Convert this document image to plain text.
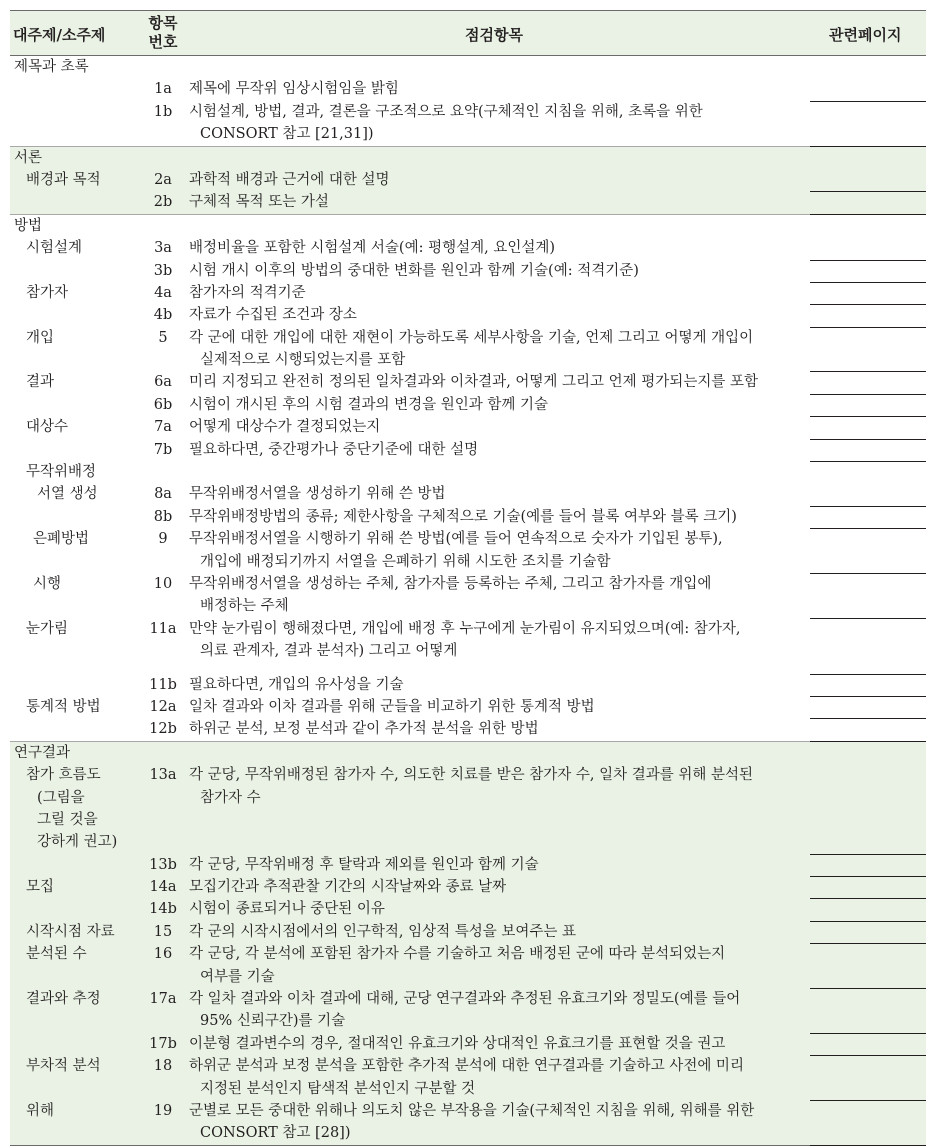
대주제/소주제
항목
번호	점검항목	관련페이지
제목과 초록
1a	제목에 무작위 임상시험임을 밝힘
1b	시험설계, 방법, 결과, 결론을 구조적으로 요약(구체적인 지침을 위해, 초록을 위한
CONSORT 참고 [21,31])
서론
배경과 목적	2a	과학적 배경과 근거에 대한 설명
2b	구체적 목적 또는 가설
방법
시험설계	3a	배정비율을 포함한 시험설계 서술(예: 평행설계, 요인설계)
3b	시험 개시 이후의 방법의 중대한 변화를 원인과 함께 기술(예: 적격기준)
참가자	4a	참가자의 적격기준
4b	자료가 수집된 조건과 장소
개입	5	각 군에 대한 개입에 대한 재현이 가능하도록 세부사항을 기술, 언제 그리고 어떻게 개입이
실제적으로 시행되었는지를 포함
결과	6a	미리 지정되고 완전히 정의된 일차결과와 이차결과, 어떻게 그리고 언제 평가되는지를 포함
6b	시험이 개시된 후의 시험 결과의 변경을 원인과 함께 기술
대상수	7a	어떻게 대상수가 결정되었는지
7b	필요하다면, 중간평가나 중단기준에 대한 설명
무작위배정
서열 생성	8a	무작위배정서열을 생성하기 위해 쓴 방법
8b	무작위배정방법의 종류; 제한사항을 구체적으로 기술(예를 들어 블록 여부와 블록 크기)
은폐방법	9	무작위배정서열을 시행하기 위해 쓴 방법(예를 들어 연속적으로 숫자가 기입된 봉투),
개입에 배정되기까지 서열을 은폐하기 위해 시도한 조치를 기술함
시행	10	무작위배정서열을 생성하는 주체, 참가자를 등록하는 주체, 그리고 참가자를 개입에
배정하는 주체
눈가림	11a 만약 눈가림이 행해졌다면, 개입에 배정 후 누구에게 눈가림이 유지되었으며(예: 참가자,
의료 관계자, 결과 분석자) 그리고 어떻게
11b 필요하다면, 개입의 유사성을 기술
통계적 방법	12a 일차 결과와 이차 결과를 위해 군들을 비교하기 위한 통계적 방법
12b 하위군 분석, 보정 분석과 같이 추가적 분석을 위한 방법
연구결과
참가 흐름도	13a 각 군당, 무작위배정된 참가자 수, 의도한 치료를 받은 참가자 수, 일차 결과를 위해 분석된
(그림을	참가자 수
그릴 것을
강하게 권고)
13b 각 군당, 무작위배정 후 탈락과 제외를 원인과 함께 기술
모집	14a 모집기간과 추적관찰 기간의 시작날짜와 종료 날짜
14b 시험이 종료되거나 중단된 이유
시작시점 자료	15	각 군의 시작시점에서의 인구학적, 임상적 특성을 보여주는 표
분석된 수	16	각 군당, 각 분석에 포함된 참가자 수를 기술하고 처음 배정된 군에 따라 분석되었는지
여부를 기술
결과와 추정	17a 각 일차 결과와 이차 결과에 대해, 군당 연구결과와 추정된 유효크기와 정밀도(예를 들어
95% 신뢰구간)를 기술
17b 이분형 결과변수의 경우, 절대적인 유효크기와 상대적인 유효크기를 표현할 것을 권고
부차적 분석	18	하위군 분석과 보정 분석을 포함한 추가적 분석에 대한 연구결과를 기술하고 사전에 미리
지정된 분석인지 탐색적 분석인지 구분할 것
위해	19	군별로 모든 중대한 위해나 의도치 않은 부작용을 기술(구체적인 지침을 위해, 위해를 위한
CONSORT 참고 [28])
